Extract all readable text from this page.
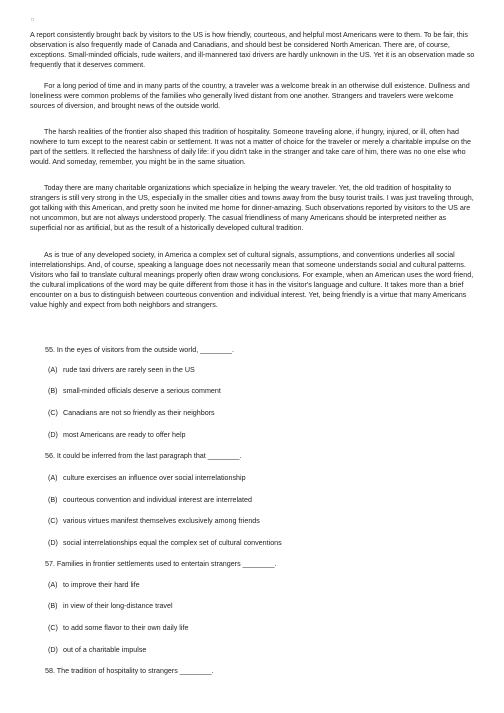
□

A report consistently brought back by visitors to the US is how friendly, courteous, and helpful most Americans were to them. To be fair, this observation is also frequently made of Canada and Canadians, and should best be considered North American. There are, of course, exceptions. Small-minded officials, rude waiters, and ill-mannered taxi drivers are hardly unknown in the US. Yet it is an observation made so frequently that it deserves comment.

For a long period of time and in many parts of the country, a traveler was a welcome break in an otherwise dull existence. Dullness and loneliness were common problems of the families who generally lived distant from one another. Strangers and travelers were welcome sources of diversion, and brought news of the outside world.

The harsh realities of the frontier also shaped this tradition of hospitality. Someone traveling alone, if hungry, injured, or ill, often had nowhere to turn except to the nearest cabin or settlement. It was not a matter of choice for the traveler or merely a charitable impulse on the part of the settlers. It reflected the harshness of daily life: if you didn't take in the stranger and take care of him, there was no one else who would. And someday, remember, you might be in the same situation.

Today there are many charitable organizations which specialize in helping the weary traveler. Yet, the old tradition of hospitality to strangers is still very strong in the US, especially in the smaller cities and towns away from the busy tourist trails. I was just traveling through, got talking with this American, and pretty soon he invited me home for dinner-amazing. Such observations reported by visitors to the US are not uncommon, but are not always understood properly. The casual friendliness of many Americans should be interpreted neither as superficial nor as artificial, but as the result of a historically developed cultural tradition.

As is true of any developed society, in America a complex set of cultural signals, assumptions, and conventions underlies all social interrelationships. And, of course, speaking a language does not necessarily mean that someone understands social and cultural patterns. Visitors who fail to translate cultural meanings properly often draw wrong conclusions. For example, when an American uses the word friend, the cultural implications of the word may be quite different from those it has in the visitor's language and culture. It takes more than a brief encounter on a bus to distinguish between courteous convention and individual interest. Yet, being friendly is a virtue that many Americans value highly and expect from both neighbors and strangers.

55. In the eyes of visitors from the outside world, ________.

(A) rude taxi drivers are rarely seen in the US

(B) small-minded officials deserve a serious comment

(C) Canadians are not so friendly as their neighbors

(D) most Americans are ready to offer help

56. It could be inferred from the last paragraph that ________.

(A) culture exercises an influence over social interrelationship

(B) courteous convention and individual interest are interrelated

(C) various virtues manifest themselves exclusively among friends

(D) social interrelationships equal the complex set of cultural conventions

57. Families in frontier settlements used to entertain strangers ________.

(A) to improve their hard life

(B) in view of their long-distance travel

(C) to add some flavor to their own daily life

(D) out of a charitable impulse

58. The tradition of hospitality to strangers ________.
